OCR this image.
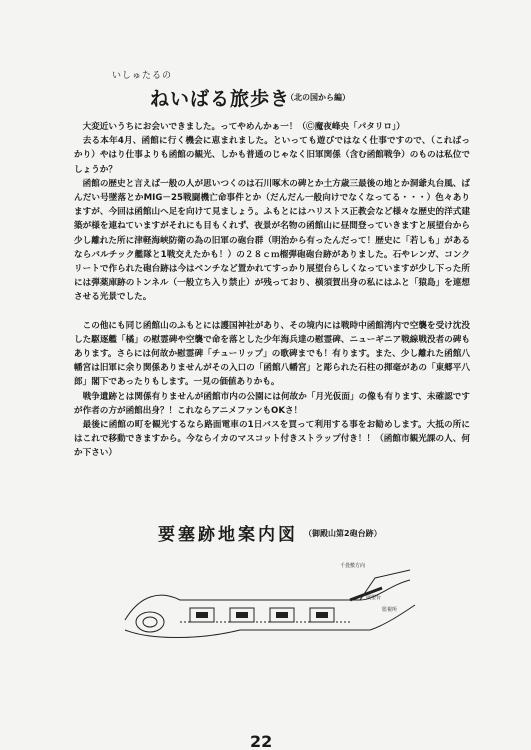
いしゅたるの
ねいばる旅歩き
（北の国から編）

　大変近いうちにお会いできました。ってやめんかぁ一！（Ⓒ魔夜峰央「パタリロ」）
　去る本年4月、函館に行く機会に恵まれました。といっても遊びではなく仕事ですので、（こればっかり）やはり仕事よりも函館の観光、しかも普通のじゃなく旧軍関係（含む函館戦争）のものは私位でしょうか？
　函館の歴史と言えば一般の人が思いつくのは石川啄木の碑とか土方歳三最後の地とか洞爺丸台風、ばんだい号墜落とかMIG－25戦闘機亡命事件とか（だんだん一般向けでなくなってる・・・）色々ありますが、今回は函館山へ足を向けて見ましょう。ふもとにはハリストス正教会など様々な歴史的洋式建築が様を連ねていますがそれにも目もくれず、夜景が名物の函館山に昼間登っていきますと展望台から少し離れた所に津軽海峡防衛の為の旧軍の砲台群（明治から有ったんだって！歴史に「若しも」があるならバルチック艦隊と1戦交えたかも！）の２８ｃｍ榴弾砲砲台跡がありました。石やレンガ、コンクリートで作られた砲台跡は今はベンチなど置かれてすっかり展望台らしくなっていますが少し下った所には弾薬庫跡のトンネル（一般立ち入り禁止）が残っており、横須賀出身の私にはふと「猿島」を連想させる光景でした。

　この他にも同じ函館山のふもとには護国神社があり、その境内には戦時中函館湾内で空襲を受け沈没した駆逐艦「橘」の慰霊碑や空襲で命を落とした少年海兵達の慰霊碑、ニューギニア戦線戦没者の碑もあります。さらには何故か慰霊碑「チューリップ」の歌碑までも！有ります。また、少し離れた函館八幡宮は旧軍に余り関係ありませんがその入口の「函館八幡宮」と彫られた石柱の揮毫があの「東郷平八郎」閣下であったりもします。一見の価値ありかも。
　戦争遺跡とは関係有りませんが函館市内の公園には何故か「月光仮面」の像も有ります、未確認ですが作者の方が函館出身？！これならアニメファンもOKさ！
　最後に函館の町を観光するなら路面電車の1日バスを買って利用する事をお勧めします。大抵の所にはこれで移動できますから。今ならイカのマスコット付きストラップ付き！！（函館市観光課の人、何か下さい）

要塞跡地案内図 （御殿山第2砲台跡）
千畳敷方向
展望台
監視所
22
